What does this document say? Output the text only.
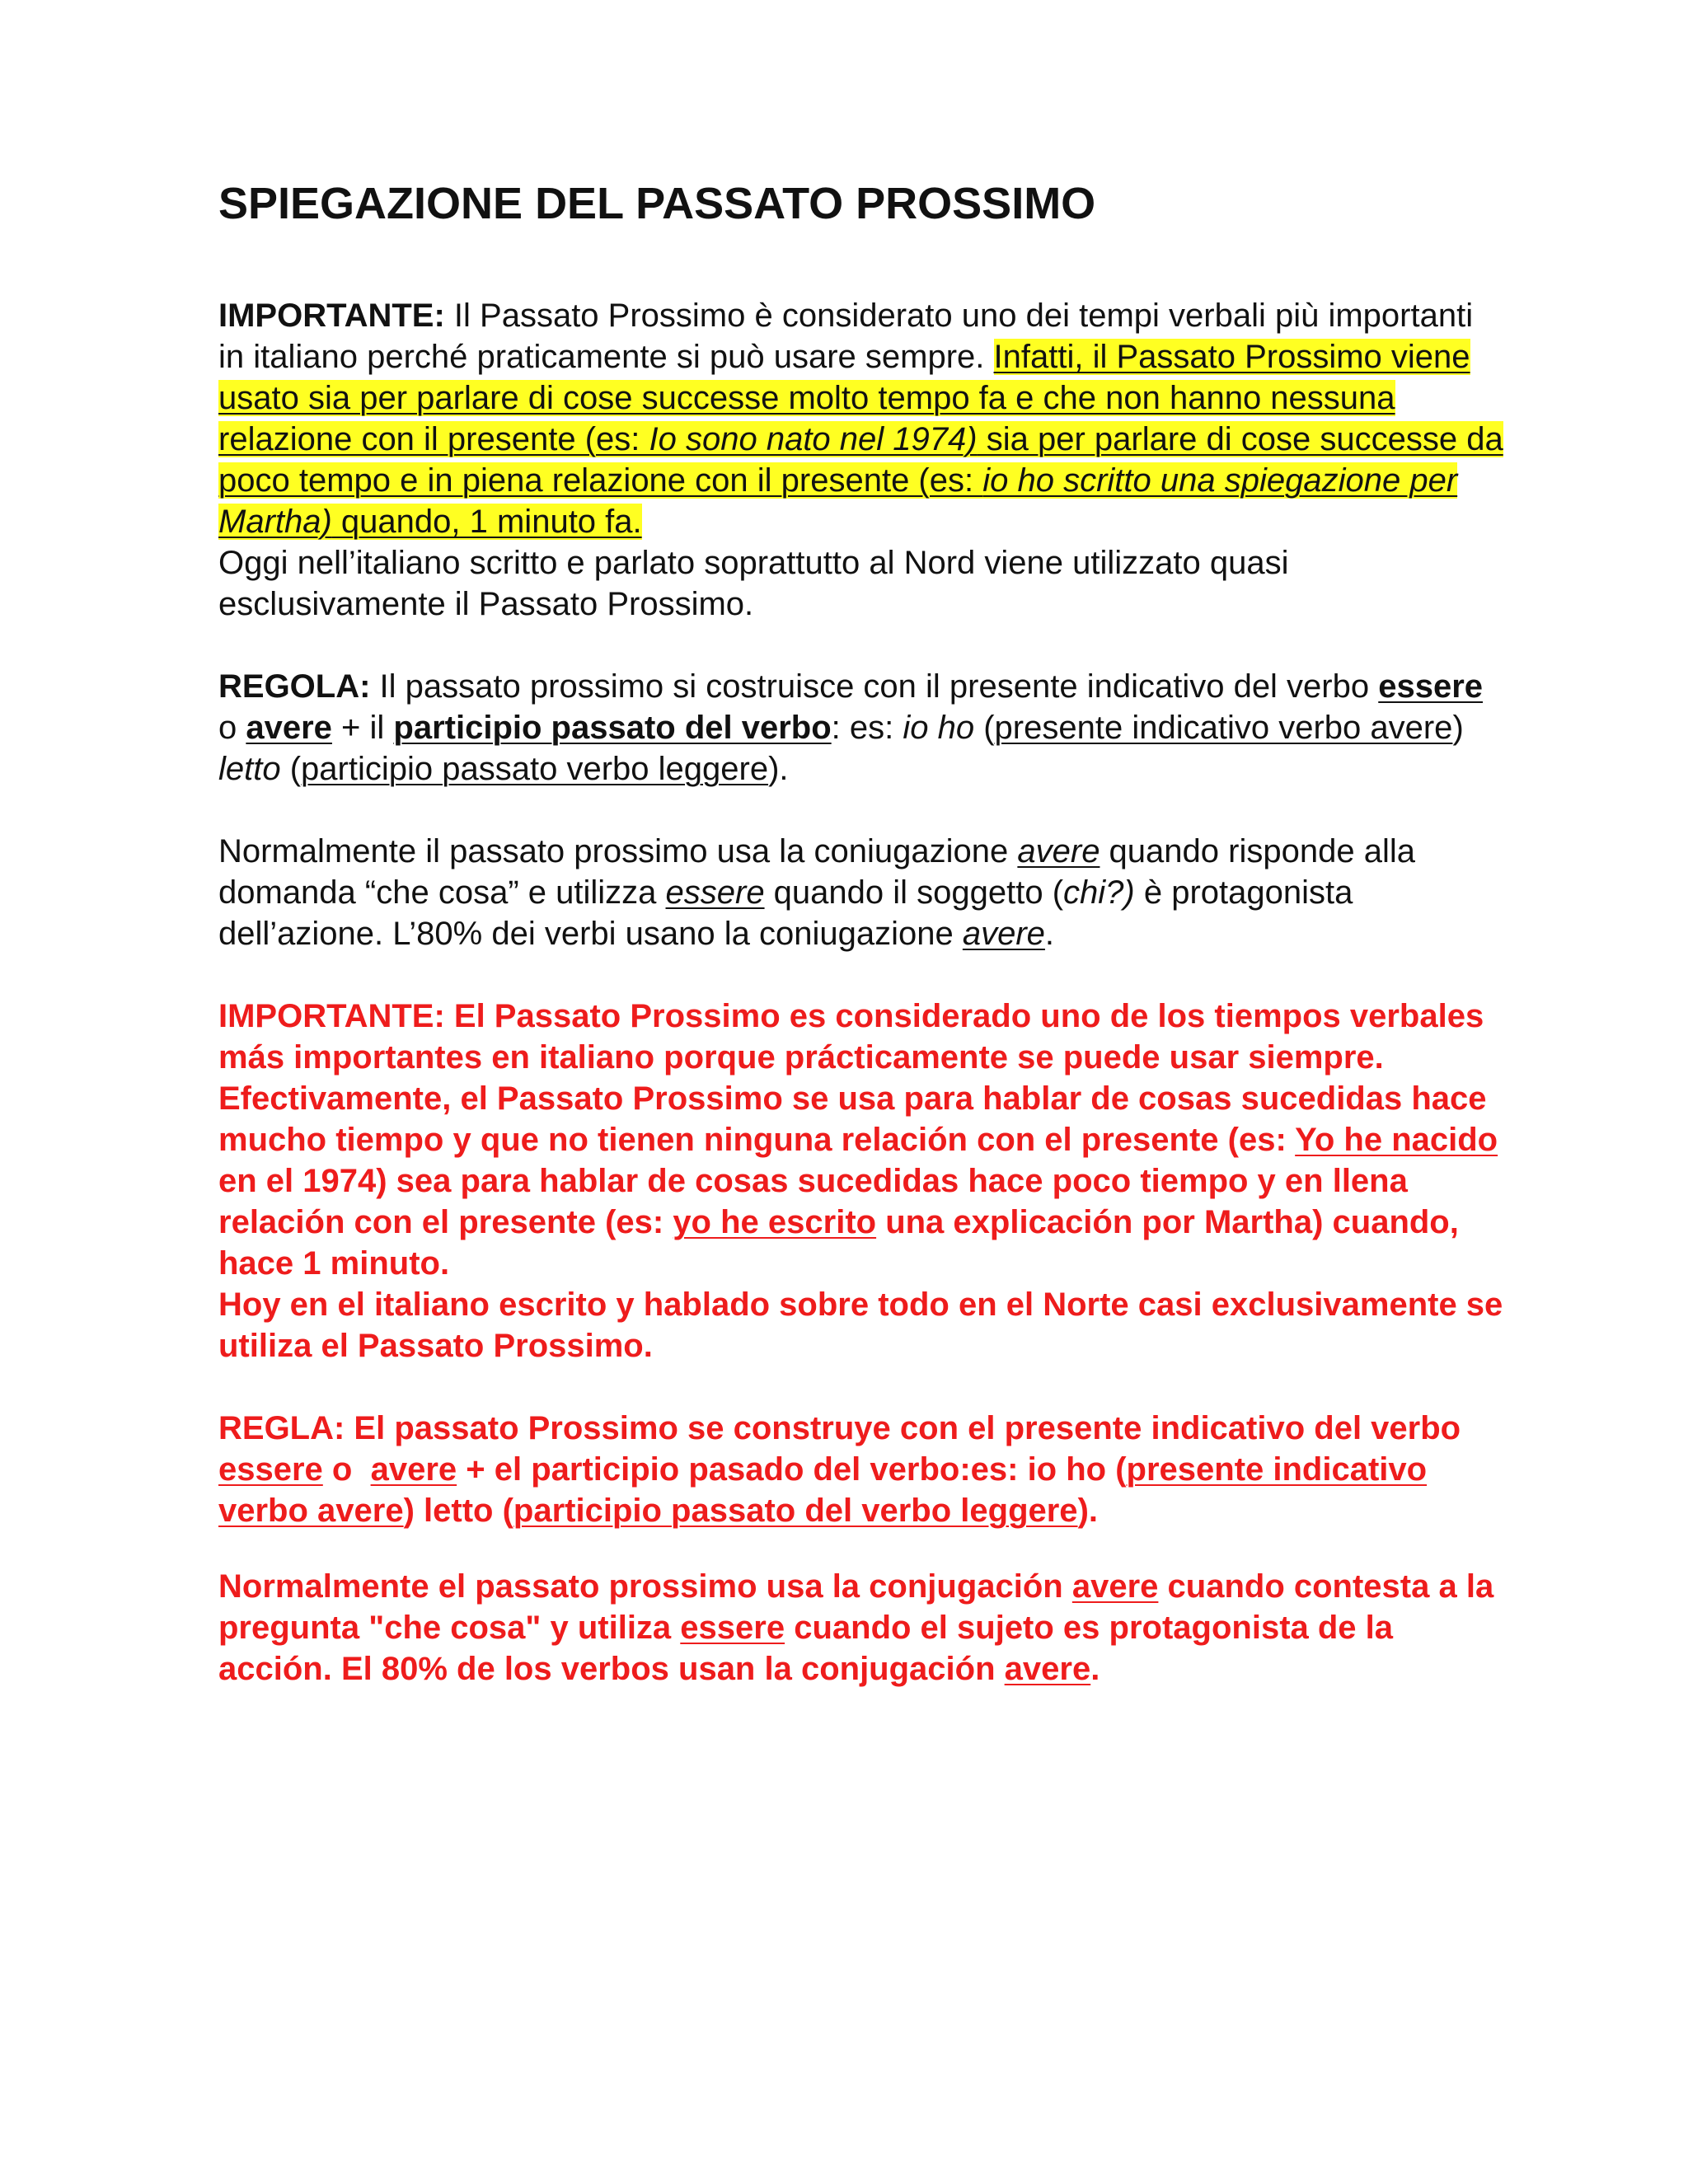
SPIEGAZIONE DEL PASSATO PROSSIMO

IMPORTANTE: Il Passato Prossimo è considerato uno dei tempi verbali più importanti in italiano perché praticamente si può usare sempre. Infatti, il Passato Prossimo viene usato sia per parlare di cose successe molto tempo fa e che non hanno nessuna relazione con il presente (es: Io sono nato nel 1974) sia per parlare di cose successe da poco tempo e in piena relazione con il presente (es: io ho scritto una spiegazione per Martha) quando, 1 minuto fa.

Oggi nell’italiano scritto e parlato soprattutto al Nord viene utilizzato quasi esclusivamente il Passato Prossimo.

REGOLA: Il passato prossimo si costruisce con il presente indicativo del verbo essere o avere + il participio passato del verbo: es: io ho (presente indicativo verbo avere) letto (participio passato verbo leggere).

Normalmente il passato prossimo usa la coniugazione avere quando risponde alla domanda “che cosa” e utilizza essere quando il soggetto (chi?) è protagonista dell’azione. L’80% dei verbi usano la coniugazione avere.

IMPORTANTE: El Passato Prossimo es considerado uno de los tiempos verbales más importantes en italiano porque prácticamente se puede usar siempre. Efectivamente, el Passato Prossimo se usa para hablar de cosas sucedidas hace mucho tiempo y que no tienen ninguna relación con el presente (es: Yo he nacido en el 1974) sea para hablar de cosas sucedidas hace poco tiempo y en llena relación con el presente (es: yo he escrito una explicación por Martha) cuando, hace 1 minuto.

Hoy en el italiano escrito y hablado sobre todo en el Norte casi exclusivamente se utiliza el Passato Prossimo.

REGLA: El passato Prossimo se construye con el presente indicativo del verbo essere o  avere + el participio pasado del verbo:es: io ho (presente indicativo verbo avere) letto (participio passato del verbo leggere).

Normalmente el passato prossimo usa la conjugación avere cuando contesta a la pregunta "che cosa" y utiliza essere cuando el sujeto es protagonista de la acción. El 80% de los verbos usan la conjugación avere.
